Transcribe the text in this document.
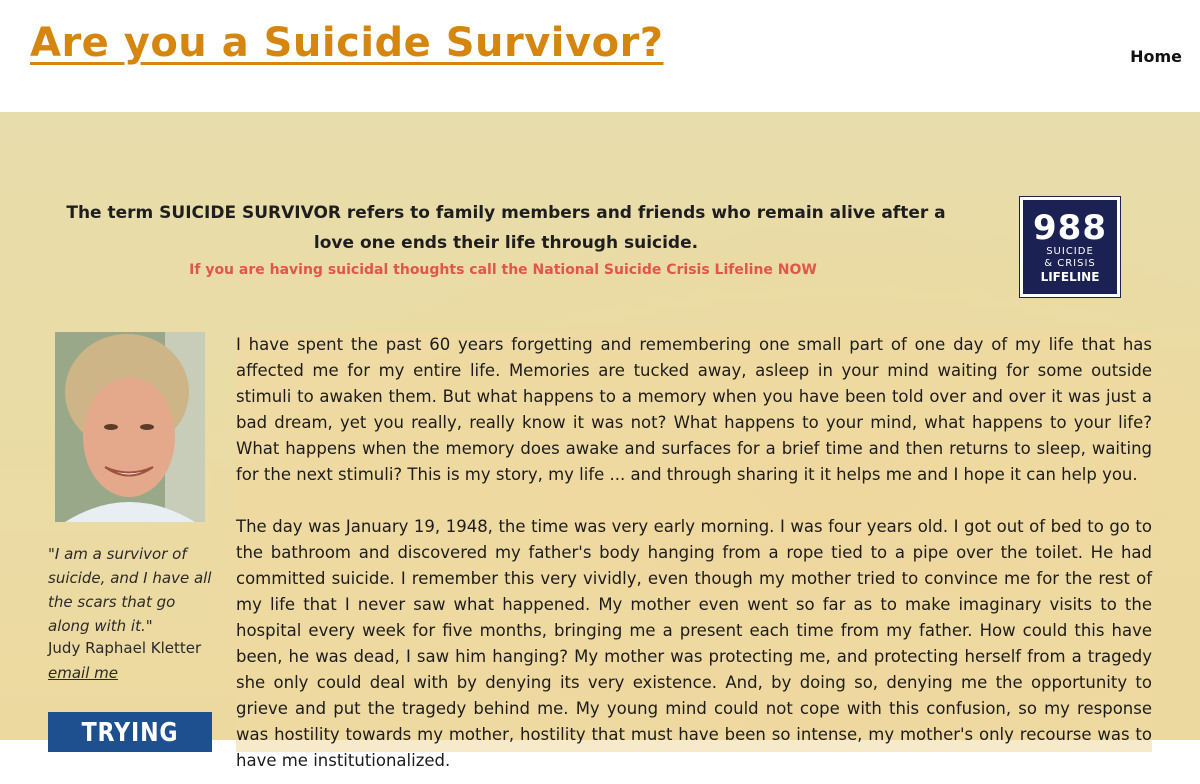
Are you a Suicide Survivor?	Home
The term SUICIDE SURVIVOR refers to family members and friends who remain alive after a love one ends their life through suicide.
If you are having suicidal thoughts call the National Suicide Crisis Lifeline NOW
988
SUICIDE
& CRISIS
LIFELINE
"I am a survivor of suicide, and I have all the scars that go along with it."
Judy Raphael Kletter
email me
TRYING TO

I have spent the past 60 years forgetting and remembering one small part of one day of my life that has affected me for my entire life. Memories are tucked away, asleep in your mind waiting for some outside stimuli to awaken them. But what happens to a memory when you have been told over and over it was just a bad dream, yet you really, really know it was not? What happens to your mind, what happens to your life? What happens when the memory does awake and surfaces for a brief time and then returns to sleep, waiting for the next stimuli? This is my story, my life ... and through sharing it it helps me and I hope it can help you.

The day was January 19, 1948, the time was very early morning. I was four years old. I got out of bed to go to the bathroom and discovered my father's body hanging from a rope tied to a pipe over the toilet. He had committed suicide. I remember this very vividly, even though my mother tried to convince me for the rest of my life that I never saw what happened. My mother even went so far as to make imaginary visits to the hospital every week for five months, bringing me a present each time from my father. How could this have been, he was dead, I saw him hanging? My mother was protecting me, and protecting herself from a tragedy she only could deal with by denying its very existence. And, by doing so, denying me the opportunity to grieve and put the tragedy behind me. My young mind could not cope with this confusion, so my response was hostility towards my mother, hostility that must have been so intense, my mother's only recourse was to have me institutionalized.
